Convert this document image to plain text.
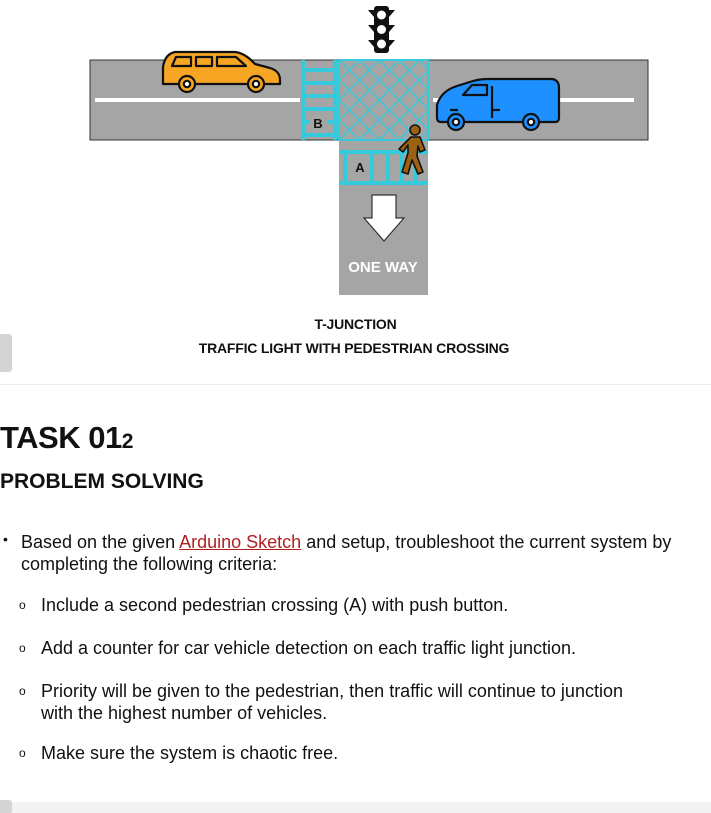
B
A
ONE WAY
T-JUNCTION
TRAFFIC LIGHT WITH PEDESTRIAN CROSSING
TASK 012
PROBLEM SOLVING
• Based on the given Arduino Sketch and setup, troubleshoot the current system by completing the following criteria:
o Include a second pedestrian crossing (A) with push button.
o Add a counter for car vehicle detection on each traffic light junction.
o Priority will be given to the pedestrian, then traffic will continue to junction
with the highest number of vehicles.
o Make sure the system is chaotic free.
